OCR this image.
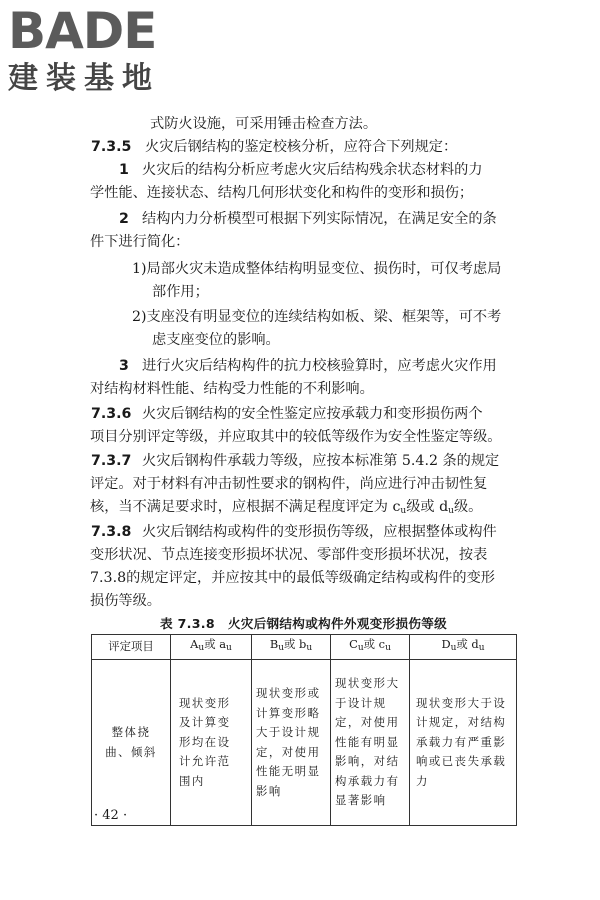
BADE
建装基地
式防火设施，可采用锤击检查方法。
7.3.5 火灾后钢结构的鉴定校核分析，应符合下列规定：
1 火灾后的结构分析应考虑火灾后结构残余状态材料的力
学性能、连接状态、结构几何形状变化和构件的变形和损伤；
2 结构内力分析模型可根据下列实际情况，在满足安全的条
件下进行简化：
1)局部火灾未造成整体结构明显变位、损伤时，可仅考虑局
部作用；
2)支座没有明显变位的连续结构如板、梁、框架等，可不考
虑支座变位的影响。
3 进行火灾后结构构件的抗力校核验算时，应考虑火灾作用
对结构材料性能、结构受力性能的不利影响。
7.3.6 火灾后钢结构的安全性鉴定应按承载力和变形损伤两个
项目分别评定等级，并应取其中的较低等级作为安全性鉴定等级。
7.3.7 火灾后钢构件承载力等级，应按本标准第 5.4.2 条的规定
评定。对于材料有冲击韧性要求的钢构件，尚应进行冲击韧性复
核，当不满足要求时，应根据不满足程度评定为 $c_u$级或 $d_u$级。
7.3.8 火灾后钢结构或构件的变形损伤等级，应根据整体或构件
变形状况、节点连接变形损坏状况、零部件变形损坏状况，按表
7.3.8的规定评定，并应按其中的最低等级确定结构或构件的变形
损伤等级。
表 7.3.8　火灾后钢结构或构件外观变形损伤等级
评定项目	$A_u$或 $a_u$	$B_u$或 $b_u$	$C_u$或 $c_u$	$D_u$或 $d_u$
整体挠曲、倾斜	现状变形及计算变形均在设计允许范围内	现状变形或计算变形略大于设计规定，对使用性能无明显影响	现状变形大于设计规定，对使用性能有明显影响，对结构承载力有显著影响	现状变形大于设计规定，对结构承载力有严重影响或已丧失承载力
· 42 ·
